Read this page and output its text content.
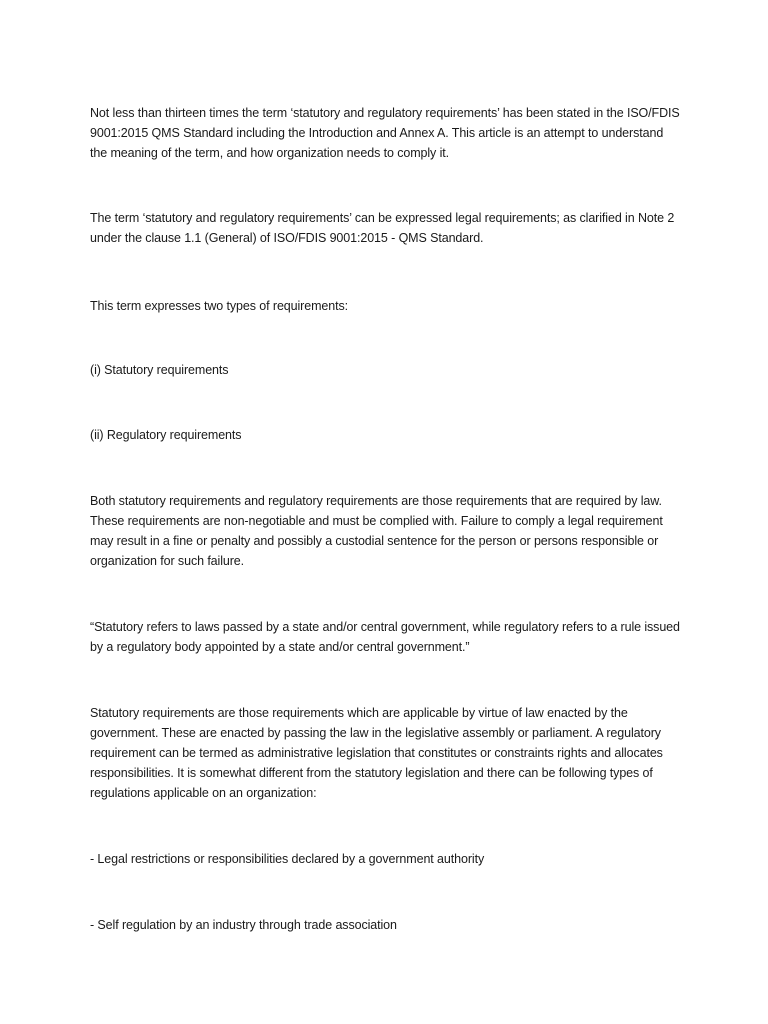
Not less than thirteen times the term ‘statutory and regulatory requirements’ has been stated in the ISO/FDIS 9001:2015 QMS Standard including the Introduction and Annex A. This article is an attempt to understand the meaning of the term, and how organization needs to comply it.

The term ‘statutory and regulatory requirements’ can be expressed legal requirements; as clarified in Note 2 under the clause 1.1 (General) of ISO/FDIS 9001:2015 - QMS Standard.

This term expresses two types of requirements:

(i) Statutory requirements

(ii) Regulatory requirements

Both statutory requirements and regulatory requirements are those requirements that are required by law. These requirements are non-negotiable and must be complied with. Failure to comply a legal requirement may result in a fine or penalty and possibly a custodial sentence for the person or persons responsible or organization for such failure.

“Statutory refers to laws passed by a state and/or central government, while regulatory refers to a rule issued by a regulatory body appointed by a state and/or central government.”

Statutory requirements are those requirements which are applicable by virtue of law enacted by the government. These are enacted by passing the law in the legislative assembly or parliament. A regulatory requirement can be termed as administrative legislation that constitutes or constraints rights and allocates responsibilities. It is somewhat different from the statutory legislation and there can be following types of regulations applicable on an organization:

- Legal restrictions or responsibilities declared by a government authority

- Self regulation by an industry through trade association
